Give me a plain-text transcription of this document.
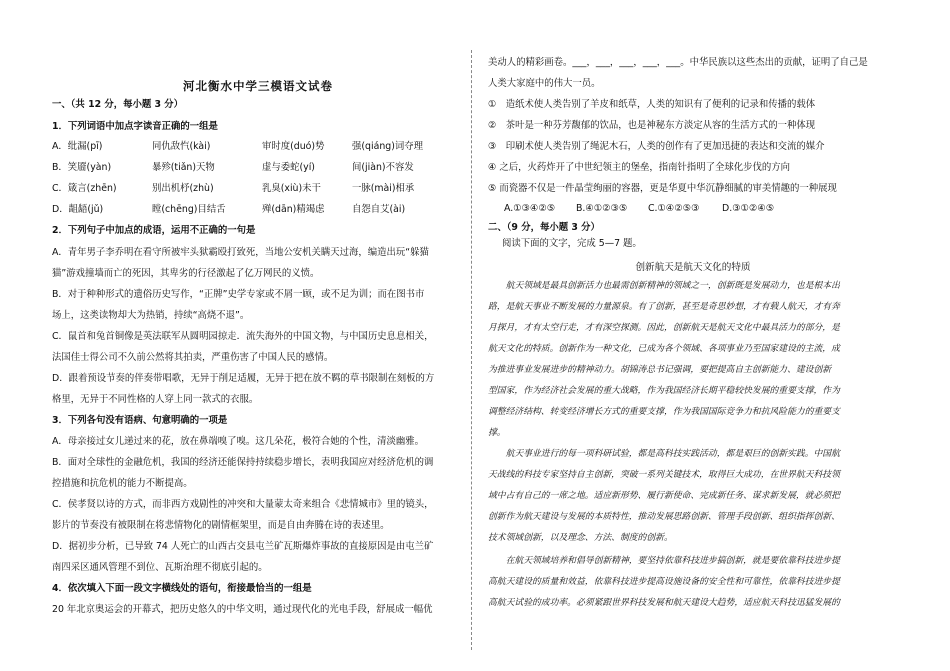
河北衡水中学三模语文试卷
一、（共 12 分，每小题 3 分）
1．下列词语中加点字读音正确的一组是
A．纰漏(pī)	同仇敌忾(kài)	审时度(duó)势	强(qiáng)词夺理
B．笑靥(yàn)	暴殄(tiǎn)天物	虚与委蛇(yí)	间(jiàn)不容发
C．箴言(zhēn)	别出机杼(zhù)	乳臭(xiù)未干	一脉(mài)相承
D．龃龉(jǔ)	瞠(chēng)目结舌	殚(dān)精竭虑	自怨自艾(ài)
2．下列句子中加点的成语，运用不正确的一句是
A．青年男子李乔明在看守所被牢头狱霸殴打致死，当地公安机关瞒天过海，编造出玩“躲猫
猫”游戏撞墙而亡的死因，其卑劣的行径激起了亿万网民的义愤。
B．对于种种形式的遗俗历史写作，“正牌”史学专家或不屑一顾，或不足为训；而在图书市
场上，这类读物却大为热销，持续“高烧不退”。
C．鼠首和兔首铜像是英法联军从圆明园掠走．流失海外的中国文物，与中国历史息息相关，
法国佳士得公司不久前公然将其拍卖，严重伤害了中国人民的感情。
D．跟着预设节奏的伴奏带唱歌，无异于削足适履，无异于把在放不羁的草书限制在刻板的方
格里，无异于不同性格的人穿上同一款式的衣服。
3．下列各句没有语病、句意明确的一项是
A．母亲接过女儿递过来的花，放在鼻端嗅了嗅。这几朵花，极符合她的个性，清淡幽雅。
B．面对全球性的金融危机，我国的经济还能保持持续稳步增长，表明我国应对经济危机的调
控措施和抗危机的能力不断提高。
C．侯孝贤以诗的方式，而非西方戏剧性的冲突和大量蒙太奇来组合《悲情城市》里的镜头，
影片的节奏没有被限制在将悲情物化的剧情框架里，而是自由奔腾在诗的表述里。
D．据初步分析，已导致 74 人死亡的山西古交县屯兰矿瓦斯爆炸事故的直接原因是由屯兰矿
南四采区通风管理不到位、瓦斯治理不彻底引起的。
4．依次填入下面一段文字横线处的语句，衔接最恰当的一组是
20 年北京奥运会的开幕式，把历史悠久的中华文明，通过现代化的光电手段，舒展成一幅优
美动人的精彩画卷。___，___，___，___，___。中华民族以这些杰出的贡献，证明了自己是
人类大家庭中的伟大一员。
①　造纸术使人类告别了羊皮和纸草，人类的知识有了便利的记录和传播的载体
②　茶叶是一种芬芳馥郁的饮品，也是神秘东方淡定从容的生活方式的一种体现
③　印刷术使人类告别了绳泥木石，人类的创作有了更加迅捷的表达和交流的媒介
④ 之后，火药炸开了中世纪领主的堡垒，指南针指明了全球化步伐的方向
⑤ 而瓷器不仅是一件晶莹绚丽的容器，更是华夏中华沉静细腻的审美情趣的一种展现
A.①③④②⑤ B.④①②③⑤ C.①④②⑤③ D.③①②④⑤
二、（9 分，每小题 3 分）
阅读下面的文字，完成 5—7 题。
创新航天是航天文化的特质
　　航天领域是最具创新活力也最需创新精神的领域之一，创新既是发展动力，也是根本出
路，是航天事业不断发展的力量源泉。有了创新，甚至是奇思妙想，才有载人航天，才有奔
月探月，才有太空行走，才有深空探测。因此，创新航天是航天文化中最具活力的部分，是
航天文化的特质。创新作为一种文化，已成为各个领域、各项事业乃至国家建设的主流，成
为推进事业发展进步的精神动力。胡锦涛总书记强调，要把提高自主创新能力、建设创新
型国家，作为经济社会发展的重大战略，作为我国经济长期平稳较快发展的重要支撑，作为
调整经济结构、转变经济增长方式的重要支撑，作为我国国际竞争力和抗风险能力的重要支
撑。
　　航天事业进行的每一项科研试验，都是高科技实践活动，都是艰巨的创新实践。中国航
天战线的科技专家坚持自主创新，突破一系列关键技术，取得巨大成功，在世界航天科技领
域中占有自己的一席之地。适应新形势、履行新使命、完成新任务、谋求新发展，就必须把
创新作为航天建设与发展的本质特性，推动发展思路创新、管理手段创新、组织指挥创新、
技术领域创新，以及理念、方法、制度的创新。
　　在航天领域培养和倡导创新精神，要坚持依靠科技进步搞创新，就是要依靠科技进步提
高航天建设的质量和效益，依靠科技进步提高设施设备的安全性和可靠性，依靠科技进步提
高航天试验的成功率。必须紧跟世界科技发展和航天建设大趋势，适应航天科技迅猛发展的
